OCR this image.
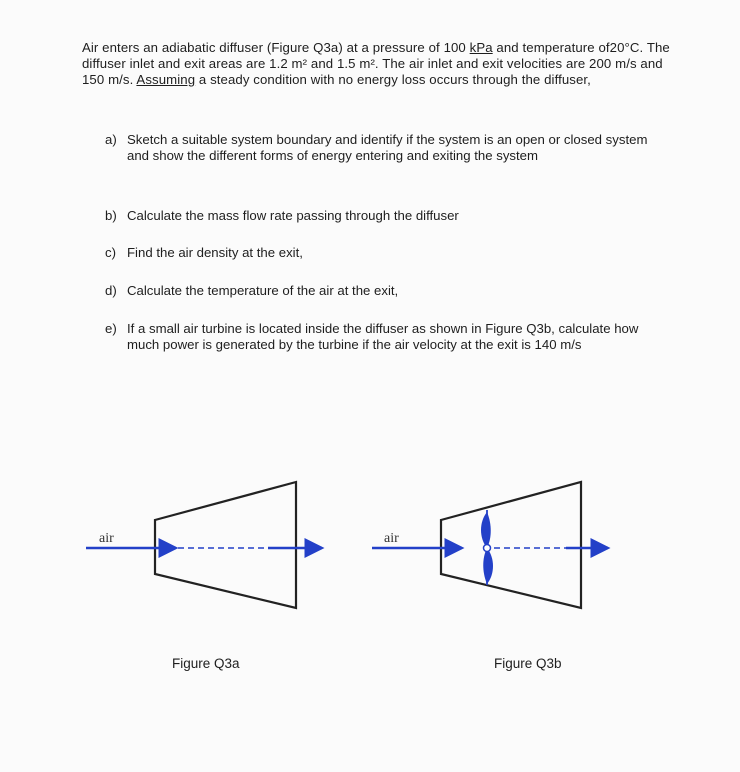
Air enters an adiabatic diffuser (Figure Q3a) at a pressure of 100 kPa and temperature of20°C. The diffuser inlet and exit areas are 1.2 m² and 1.5 m². The air inlet and exit velocities are 200 m/s and 150 m/s. Assuming a steady condition with no energy loss occurs through the diffuser,
a) Sketch a suitable system boundary and identify if the system is an open or closed system and show the different forms of energy entering and exiting the system
b) Calculate the mass flow rate passing through the diffuser
c) Find the air density at the exit,
d) Calculate the temperature of the air at the exit,
e) If a small air turbine is located inside the diffuser as shown in Figure Q3b, calculate how much power is generated by the turbine if the air velocity at the exit is 140 m/s
air	air
Figure Q3a	Figure Q3b
